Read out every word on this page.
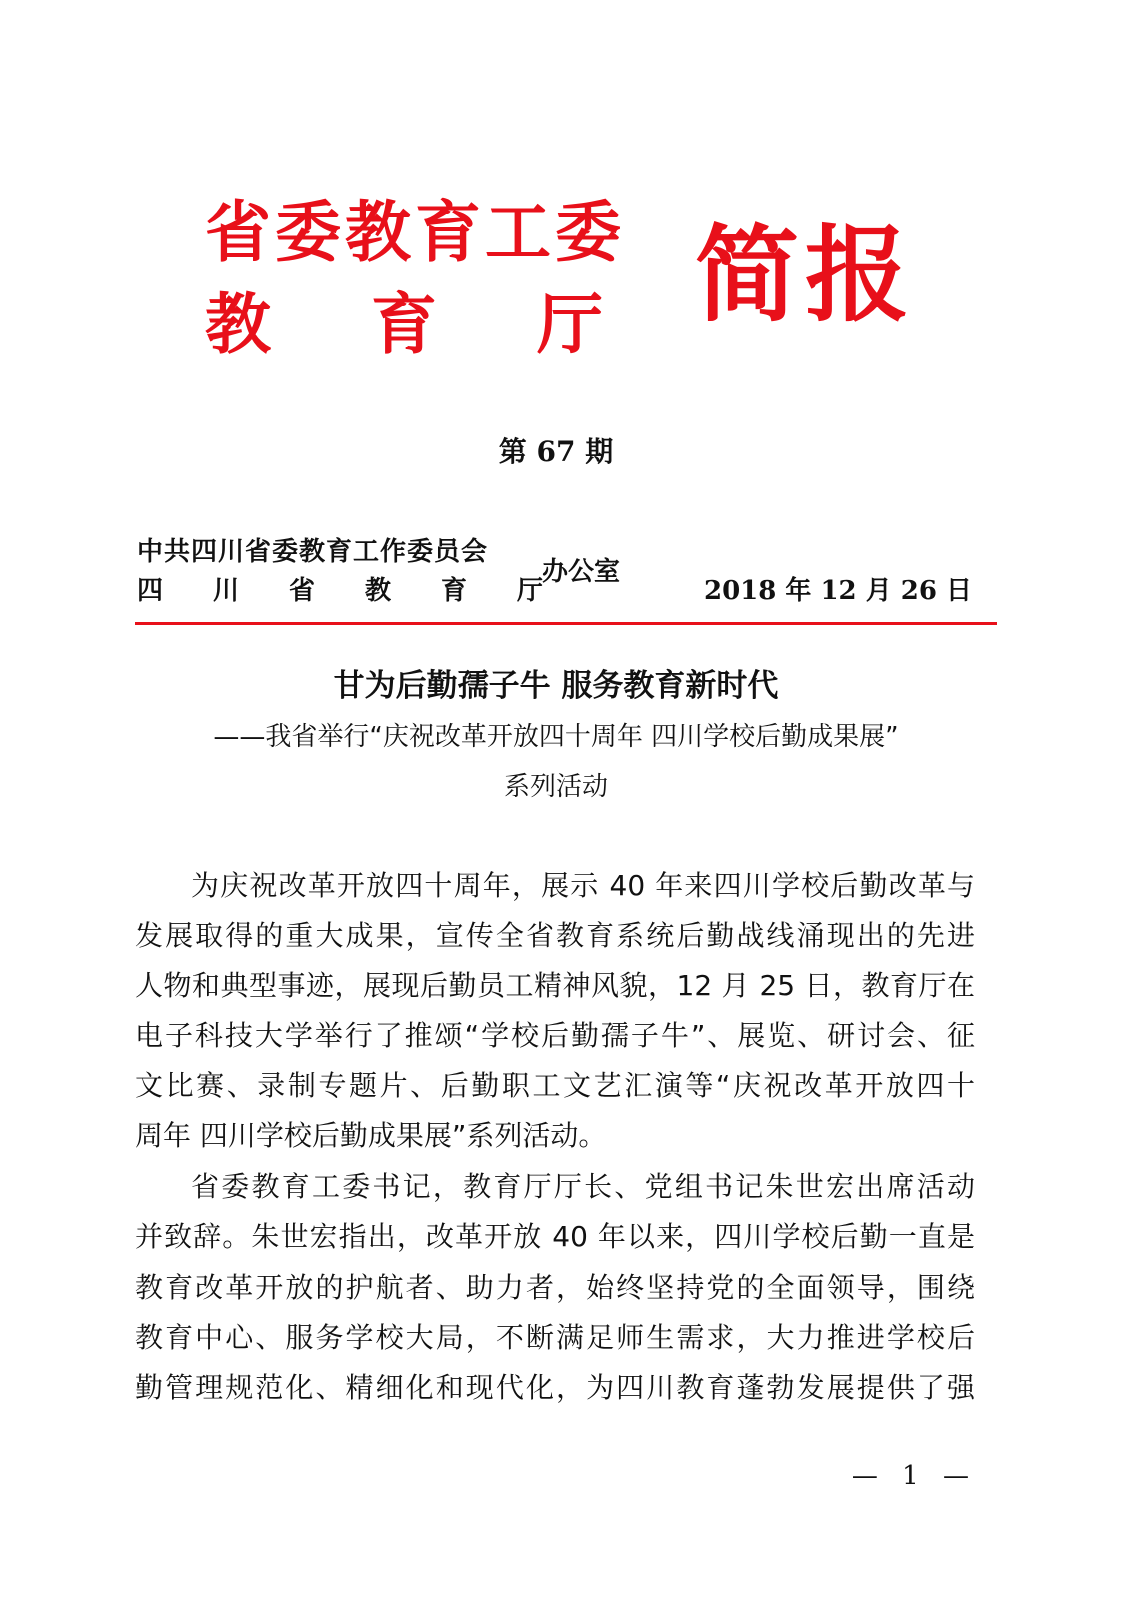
省委教育工委
教育厅
简报
第 67 期
中共四川省委教育工作委员会
四川省教育厅
办公室
2018 年 12 月 26 日
甘为后勤孺子牛 服务教育新时代
——我省举行“庆祝改革开放四十周年 四川学校后勤成果展”
系列活动
为庆祝改革开放四十周年，展示 40 年来四川学校后勤改革与
发展取得的重大成果，宣传全省教育系统后勤战线涌现出的先进
人物和典型事迹，展现后勤员工精神风貌，12 月 25 日，教育厅在
电子科技大学举行了推颂“学校后勤孺子牛”、展览、研讨会、征
文比赛、录制专题片、后勤职工文艺汇演等“庆祝改革开放四十
周年 四川学校后勤成果展”系列活动。
省委教育工委书记，教育厅厅长、党组书记朱世宏出席活动
并致辞。朱世宏指出，改革开放 40 年以来，四川学校后勤一直是
教育改革开放的护航者、助力者，始终坚持党的全面领导，围绕
教育中心、服务学校大局，不断满足师生需求，大力推进学校后
勤管理规范化、精细化和现代化，为四川教育蓬勃发展提供了强
— 1 —
